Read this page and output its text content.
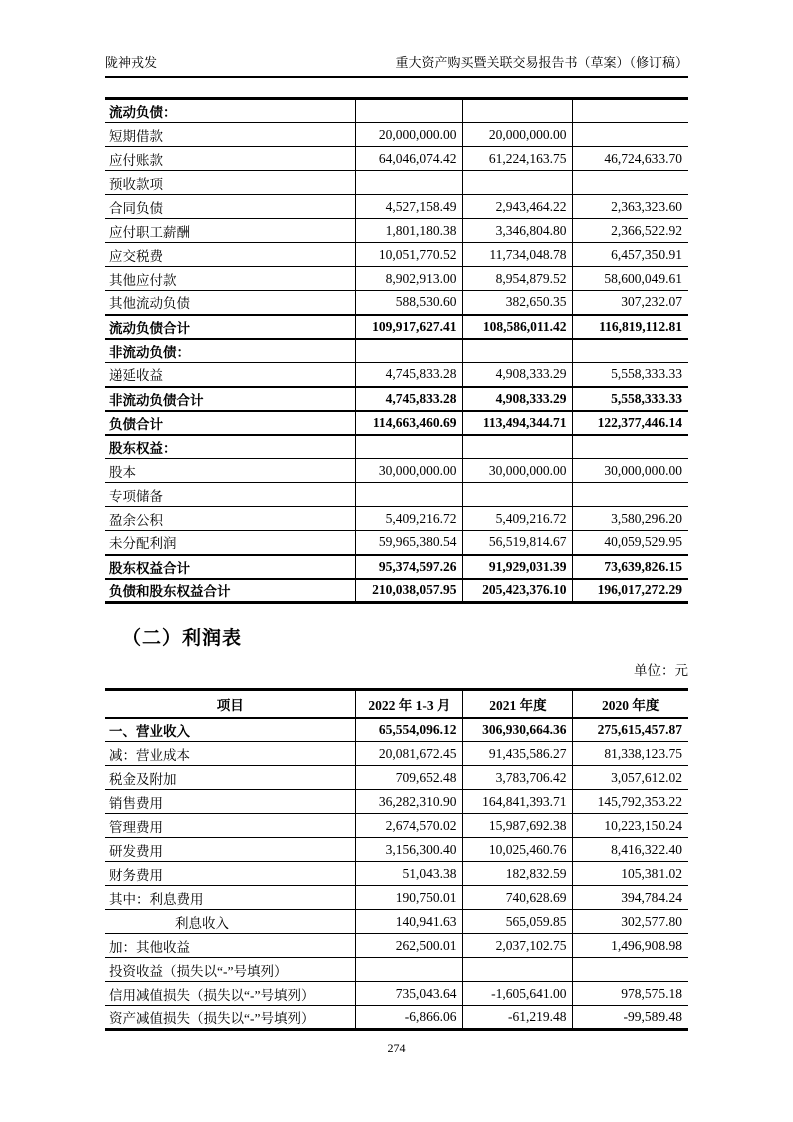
陇神戎发	重大资产购买暨关联交易报告书（草案）（修订稿）
流动负债：			
短期借款	20,000,000.00	20,000,000.00	
应付账款	64,046,074.42	61,224,163.75	46,724,633.70
预收款项			
合同负债	4,527,158.49	2,943,464.22	2,363,323.60
应付职工薪酬	1,801,180.38	3,346,804.80	2,366,522.92
应交税费	10,051,770.52	11,734,048.78	6,457,350.91
其他应付款	8,902,913.00	8,954,879.52	58,600,049.61
其他流动负债	588,530.60	382,650.35	307,232.07
流动负债合计	109,917,627.41	108,586,011.42	116,819,112.81
非流动负债：			
递延收益	4,745,833.28	4,908,333.29	5,558,333.33
非流动负债合计	4,745,833.28	4,908,333.29	5,558,333.33
负债合计	114,663,460.69	113,494,344.71	122,377,446.14
股东权益：			
股本	30,000,000.00	30,000,000.00	30,000,000.00
专项储备			
盈余公积	5,409,216.72	5,409,216.72	3,580,296.20
未分配利润	59,965,380.54	56,519,814.67	40,059,529.95
股东权益合计	95,374,597.26	91,929,031.39	73,639,826.15
负债和股东权益合计	210,038,057.95	205,423,376.10	196,017,272.29
（二）利润表
单位：元
项目	2022 年 1-3 月	2021 年度	2020 年度
一、营业收入	65,554,096.12	306,930,664.36	275,615,457.87
减：营业成本	20,081,672.45	91,435,586.27	81,338,123.75
税金及附加	709,652.48	3,783,706.42	3,057,612.02
销售费用	36,282,310.90	164,841,393.71	145,792,353.22
管理费用	2,674,570.02	15,987,692.38	10,223,150.24
研发费用	3,156,300.40	10,025,460.76	8,416,322.40
财务费用	51,043.38	182,832.59	105,381.02
其中：利息费用	190,750.01	740,628.69	394,784.24
利息收入	140,941.63	565,059.85	302,577.80
加：其他收益	262,500.01	2,037,102.75	1,496,908.98
投资收益（损失以“-”号填列）			
信用减值损失（损失以“-”号填列）	735,043.64	-1,605,641.00	978,575.18
资产减值损失（损失以“-”号填列）	-6,866.06	-61,219.48	-99,589.48
274
